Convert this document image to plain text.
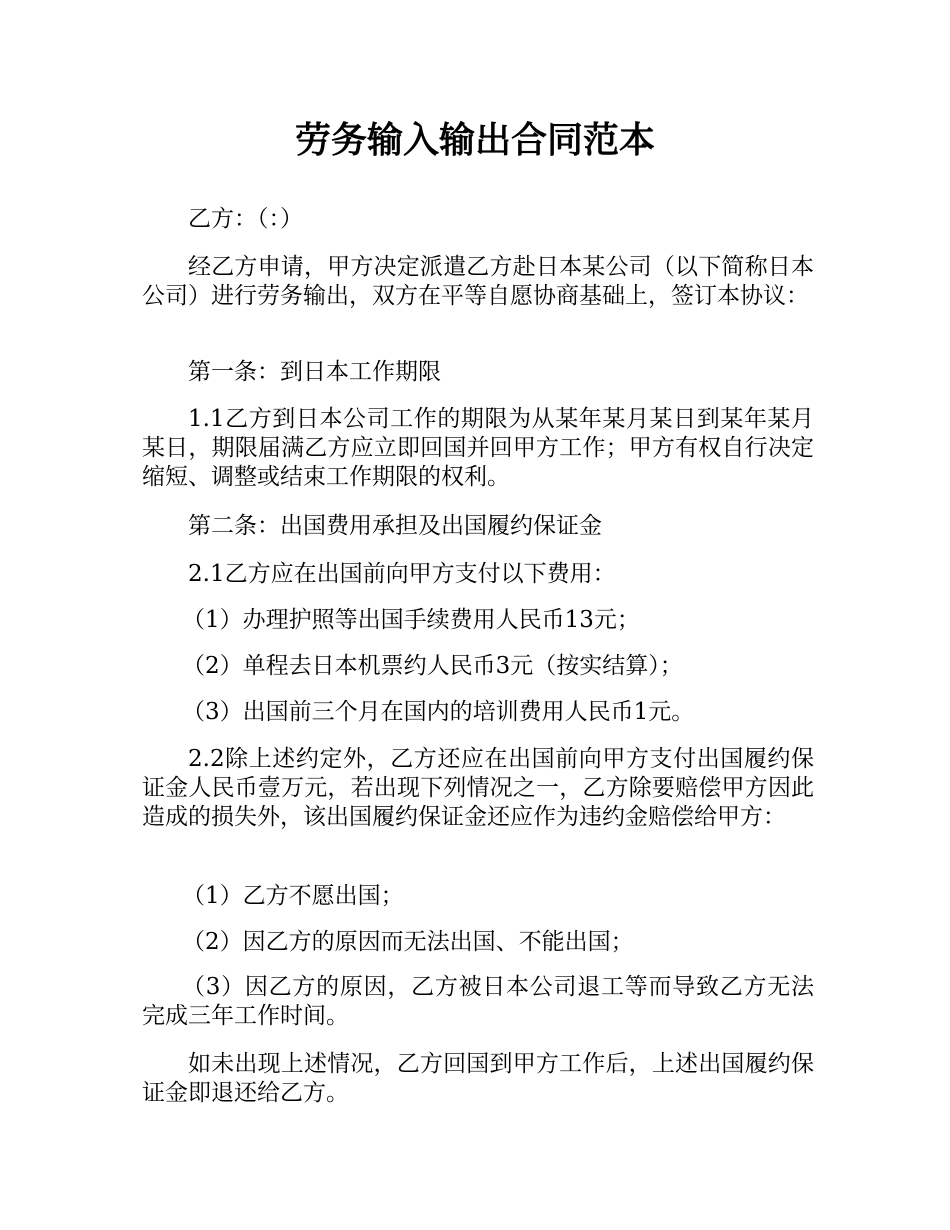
劳务输入输出合同范本

乙方：（：）

经乙方申请，甲方决定派遣乙方赴日本某公司（以下简称日本公司）进行劳务输出，双方在平等自愿协商基础上，签订本协议：

第一条：到日本工作期限

1.1乙方到日本公司工作的期限为从某年某月某日到某年某月某日，期限届满乙方应立即回国并回甲方工作；甲方有权自行决定缩短、调整或结束工作期限的权利。

第二条：出国费用承担及出国履约保证金

2.1乙方应在出国前向甲方支付以下费用：

（1）办理护照等出国手续费用人民币13元；

（2）单程去日本机票约人民币3元（按实结算）；

（3）出国前三个月在国内的培训费用人民币1元。

2.2除上述约定外，乙方还应在出国前向甲方支付出国履约保证金人民币壹万元，若出现下列情况之一，乙方除要赔偿甲方因此造成的损失外，该出国履约保证金还应作为违约金赔偿给甲方：

（1）乙方不愿出国；

（2）因乙方的原因而无法出国、不能出国；

（3）因乙方的原因，乙方被日本公司退工等而导致乙方无法完成三年工作时间。

如未出现上述情况，乙方回国到甲方工作后，上述出国履约保证金即退还给乙方。
